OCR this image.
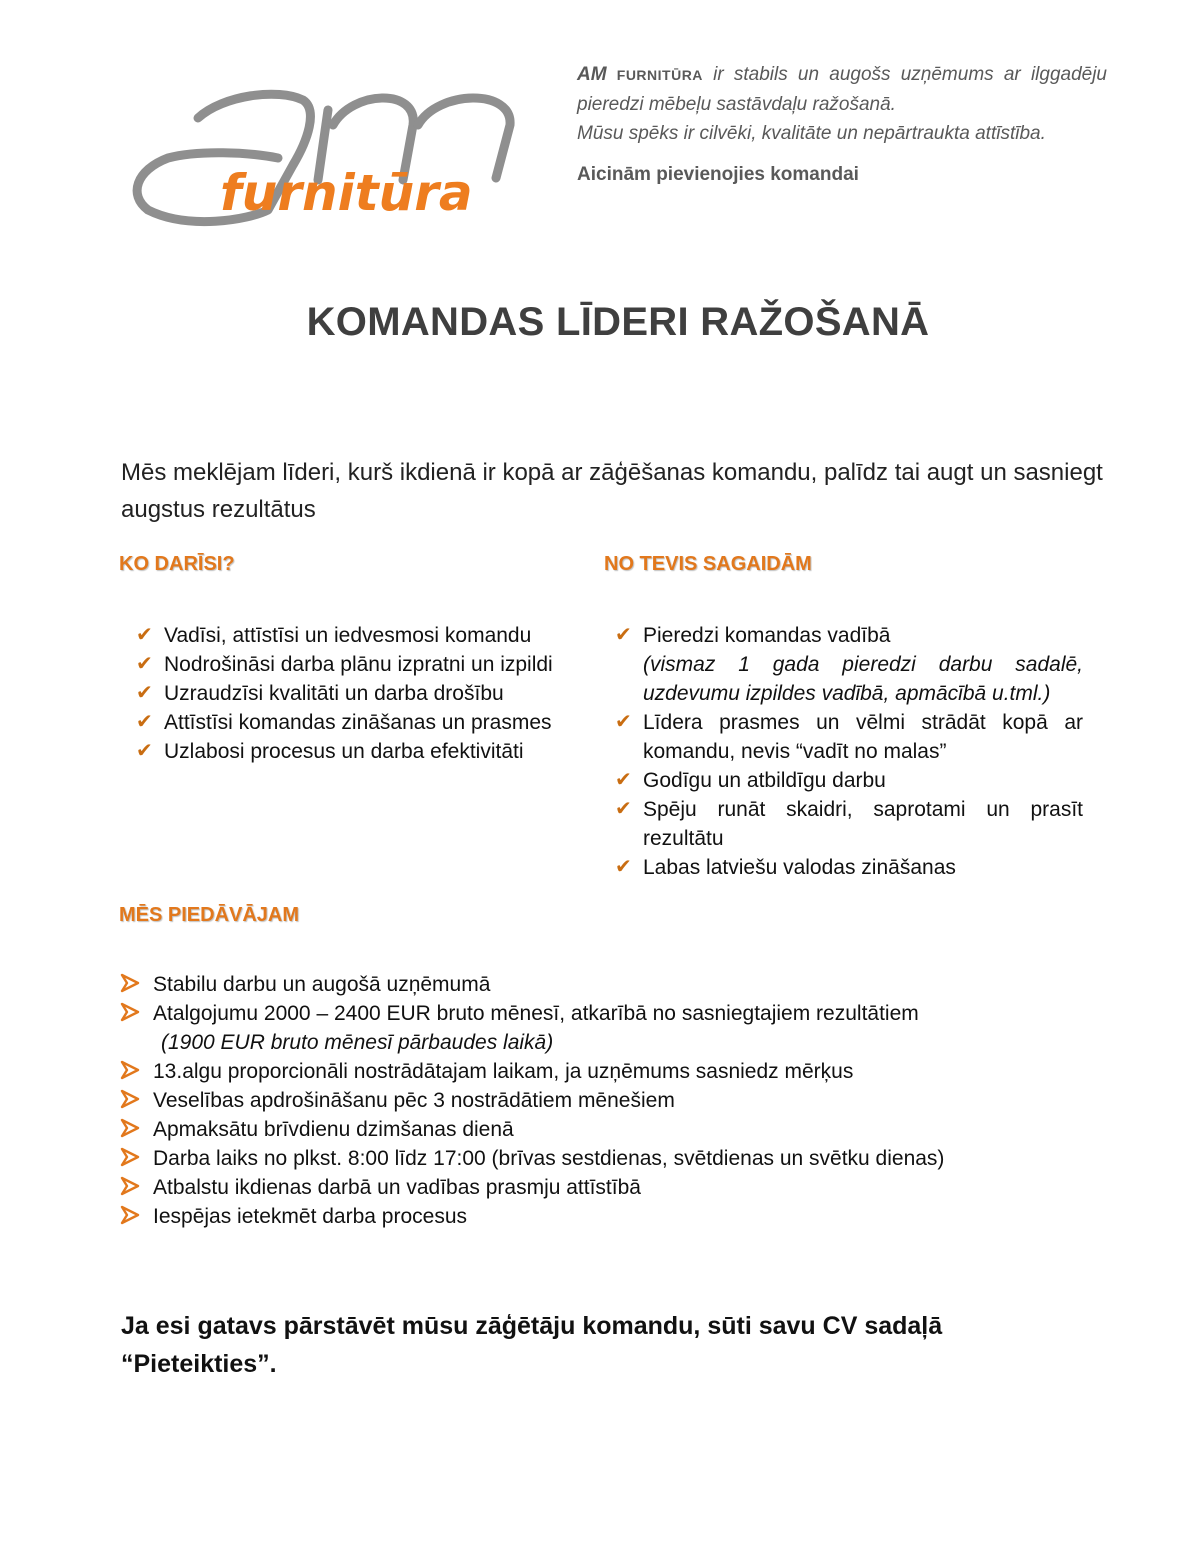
furnitūra

AM FURNITŪRA ir stabils un augošs uzņēmums ar ilggadēju pieredzi mēbeļu sastāvdaļu ražošanā.

Mūsu spēks ir cilvēki, kvalitāte un nepārtraukta attīstība.

Aicinām pievienojies komandai

KOMANDAS LĪDERI RAŽOŠANĀ

Mēs meklējam līderi, kurš ikdienā ir kopā ar zāģēšanas komandu, palīdz tai augt un sasniegt augstus rezultātus

KO DARĪSI?
✔ Vadīsi, attīstīsi un iedvesmosi komandu
✔ Nodrošināsi darba plānu izpratni un izpildi
✔ Uzraudzīsi kvalitāti un darba drošību
✔ Attīstīsi komandas zināšanas un prasmes
✔ Uzlabosi procesus un darba efektivitāti
NO TEVIS SAGAIDĀM
✔ Pieredzi komandas vadībā
(vismaz 1 gada pieredzi darbu sadalē, uzdevumu izpildes vadībā, apmācībā u.tml.)
✔ Līdera prasmes un vēlmi strādāt kopā ar komandu, nevis “vadīt no malas”
✔ Godīgu un atbildīgu darbu
✔ Spēju runāt skaidri, saprotami un prasīt rezultātu
✔ Labas latviešu valodas zināšanas
MĒS PIEDĀVĀJAM
Stabilu darbu un augošā uzņēmumā
Atalgojumu 2000 – 2400 EUR bruto mēnesī, atkarībā no sasniegtajiem rezultātiem
(1900 EUR bruto mēnesī pārbaudes laikā)
13.algu proporcionāli nostrādātajam laikam, ja uzņēmums sasniedz mērķus
Veselības apdrošināšanu pēc 3 nostrādātiem mēnešiem
Apmaksātu brīvdienu dzimšanas dienā
Darba laiks no plkst. 8:00 līdz 17:00 (brīvas sestdienas, svētdienas un svētku dienas)
Atbalstu ikdienas darbā un vadības prasmju attīstībā
Iespējas ietekmēt darba procesus

Ja esi gatavs pārstāvēt mūsu zāģētāju komandu, sūti savu CV sadaļā “Pieteikties”.
